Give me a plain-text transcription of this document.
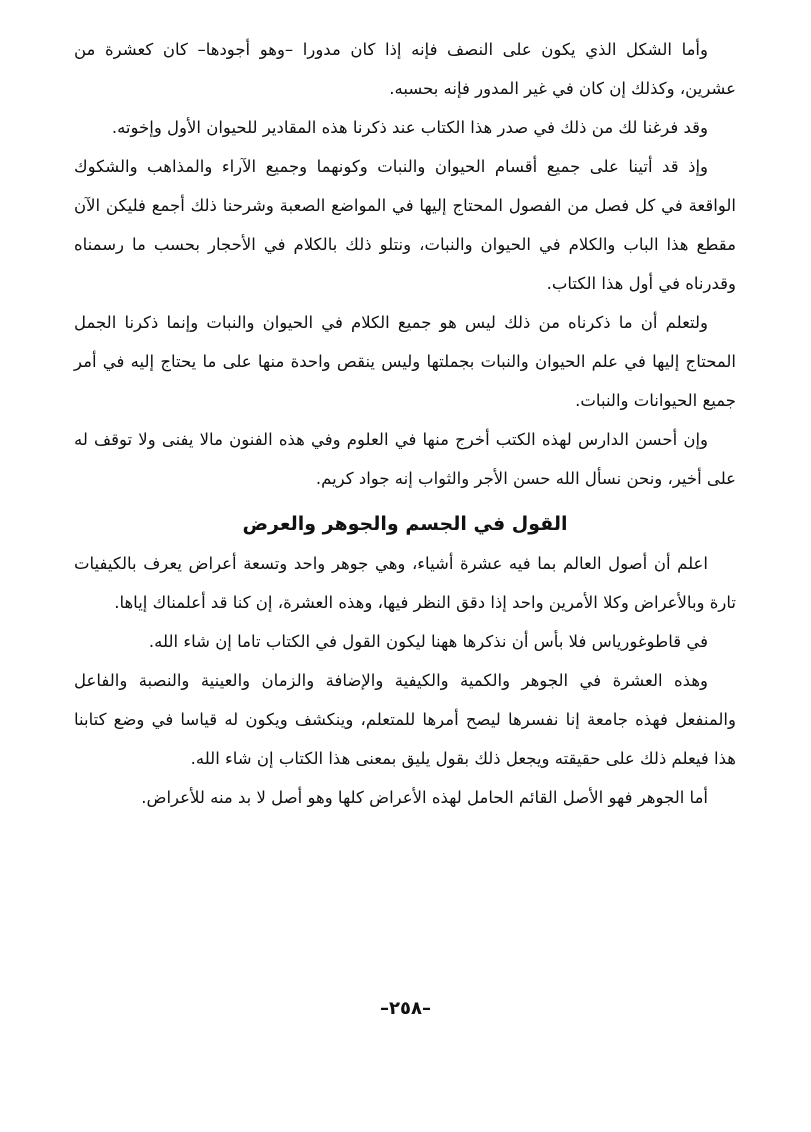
وأما الشكل الذي يكون على النصف فإنه إذا كان مدورا –وهو أجودها– كان كعشرة من عشرين، وكذلك إن كان في غير المدور فإنه بحسبه.

وقد فرغنا لك من ذلك في صدر هذا الكتاب عند ذكرنا هذه المقادير للحيوان الأول وإخوته.

وإذ قد أتينا على جميع أقسام الحيوان والنبات وكونهما وجميع الآراء والمذاهب والشكوك الواقعة في كل فصل من الفصول المحتاج إليها في المواضع الصعبة وشرحنا ذلك أجمع فليكن الآن مقطع هذا الباب والكلام في الحيوان والنبات، ونتلو ذلك بالكلام في الأحجار بحسب ما رسمناه وقدرناه في أول هذا الكتاب.

ولتعلم أن ما ذكرناه من ذلك ليس هو جميع الكلام في الحيوان والنبات وإنما ذكرنا الجمل المحتاج إليها في علم الحيوان والنبات بجملتها وليس ينقص واحدة منها على ما يحتاج إليه في أمر جميع الحيوانات والنبات.

وإن أحسن الدارس لهذه الكتب أخرج منها في العلوم وفي هذه الفنون مالا يفنى ولا توقف له على أخير، ونحن نسأل الله حسن الأجر والثواب إنه جواد كريم.

القول في الجسم والجوهر والعرض

اعلم أن أصول العالم بما فيه عشرة أشياء، وهي جوهر واحد وتسعة أعراض يعرف بالكيفيات تارة وبالأعراض وكلا الأمرين واحد إذا دقق النظر فيها، وهذه العشرة، إن كنا قد أعلمناك إياها.

في قاطوغورياس فلا بأس أن نذكرها ههنا ليكون القول في الكتاب تاما إن شاء الله.

وهذه العشرة في الجوهر والكمية والكيفية والإضافة والزمان والعينية والنصبة والفاعل والمنفعل فهذه جامعة إنا نفسرها ليصح أمرها للمتعلم، وينكشف ويكون له قياسا في وضع كتابنا هذا فيعلم ذلك على حقيقته ويجعل ذلك بقول يليق بمعنى هذا الكتاب إن شاء الله.

أما الجوهر فهو الأصل القائم الحامل لهذه الأعراض كلها وهو أصل لا بد منه للأعراض.

–٢٥٨–
